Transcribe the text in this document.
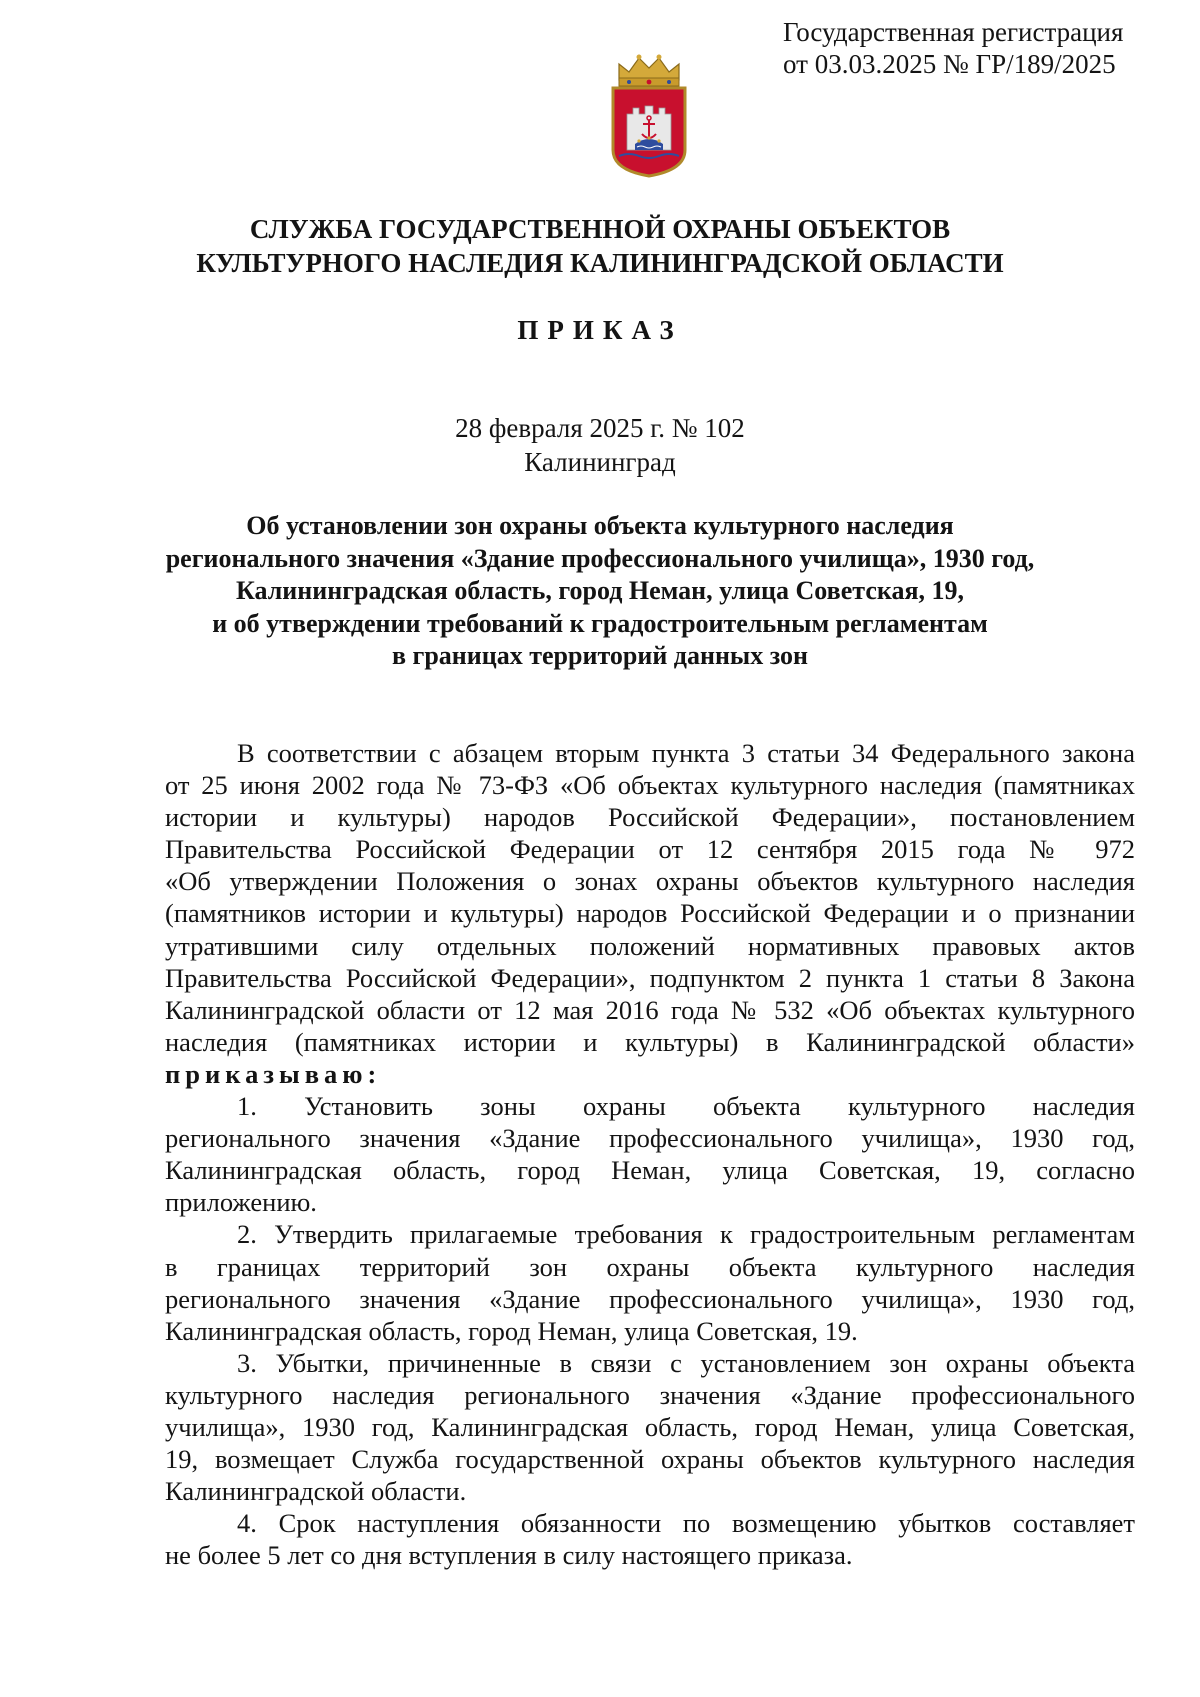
Государственная регистрация
от 03.03.2025 № ГР/189/2025
СЛУЖБА ГОСУДАРСТВЕННОЙ ОХРАНЫ ОБЪЕКТОВ
КУЛЬТУРНОГО НАСЛЕДИЯ КАЛИНИНГРАДСКОЙ ОБЛАСТИ
ПРИКАЗ
28 февраля 2025 г. № 102
Калининград
Об установлении зон охраны объекта культурного наследия
регионального значения «Здание профессионального училища», 1930 год,
Калининградская область, город Неман, улица Советская, 19,
и об утверждении требований к градостроительным регламентам
в границах территорий данных зон
В соответствии с абзацем вторым пункта 3 статьи 34 Федерального закона
от 25 июня 2002 года № 73-ФЗ «Об объектах культурного наследия (памятниках
истории и культуры) народов Российской Федерации», постановлением
Правительства Российской Федерации от 12 сентября 2015 года № 972
«Об утверждении Положения о зонах охраны объектов культурного наследия
(памятников истории и культуры) народов Российской Федерации и о признании
утратившими силу отдельных положений нормативных правовых актов
Правительства Российской Федерации», подпунктом 2 пункта 1 статьи 8 Закона
Калининградской области от 12 мая 2016 года № 532 «Об объектах культурного
наследия (памятниках истории и культуры) в Калининградской области»
приказываю:
1. Установить зоны охраны объекта культурного наследия
регионального значения «Здание профессионального училища», 1930 год,
Калининградская область, город Неман, улица Советская, 19, согласно
приложению.
2. Утвердить прилагаемые требования к градостроительным регламентам
в границах территорий зон охраны объекта культурного наследия
регионального значения «Здание профессионального училища», 1930 год,
Калининградская область, город Неман, улица Советская, 19.
3. Убытки, причиненные в связи с установлением зон охраны объекта
культурного наследия регионального значения «Здание профессионального
училища», 1930 год, Калининградская область, город Неман, улица Советская,
19, возмещает Служба государственной охраны объектов культурного наследия
Калининградской области.
4. Срок наступления обязанности по возмещению убытков составляет
не более 5 лет со дня вступления в силу настоящего приказа.
